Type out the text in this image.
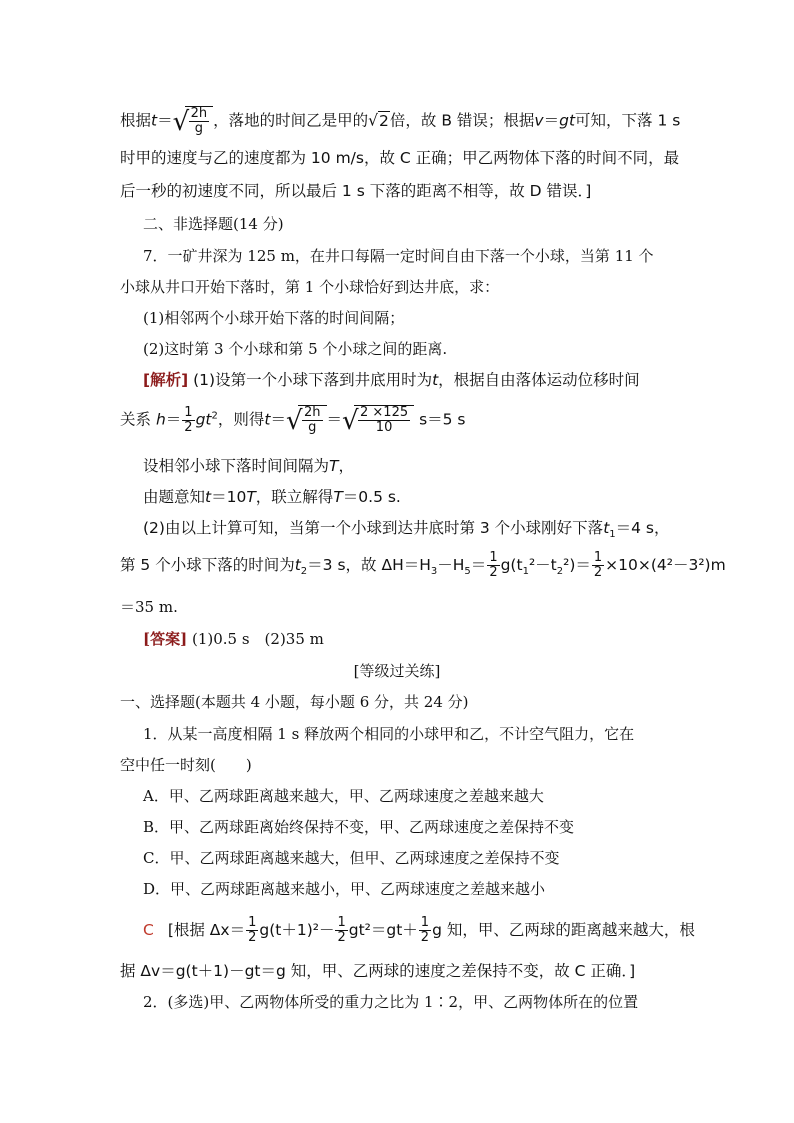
根据t＝ √ $\frac{2h}{g}$ ，落地的时间乙是甲的√2倍，故 B 错误；根据v＝gt可知，下落 1 s
时甲的速度与乙的速度都为 10 m/s，故 C 正确；甲乙两物体下落的时间不同，最
后一秒的初速度不同，所以最后 1 s 下落的距离不相等，故 D 错误．]
二、非选择题(14 分)
7．一矿井深为 125 m，在井口每隔一定时间自由下落一个小球，当第 11 个
小球从井口开始下落时，第 1 个小球恰好到达井底，求：
(1)相邻两个小球开始下落的时间间隔；
(2)这时第 3 个小球和第 5 个小球之间的距离.
[解析] (1)设第一个小球下落到井底用时为t，根据自由落体运动位移时间
关系 $h= \frac{1}{2} gt^2$，则得t＝ √ $\frac{2h}{g}$ ＝ √ $\frac{2 \times 125}{10} s=5$ s
设相邻小球下落时间间隔为T，
由题意知t＝10T，联立解得T＝0.5 s.
(2)由以上计算可知，当第一个小球到达井底时第 3 个小球刚好下落$t_1=4$ s，
第 5 个小球下落的时间为$t_2=3$ s，故 $\Delta H=H_3-H_5= \frac{1}{2} g(t_1^2-t_2^2)= \frac{1}{2} \times 10\times(4^2-3^2)m$
＝35 m.
[答案] (1)0.5 s　(2)35 m
[等级过关练]
一、选择题(本题共 4 小题，每小题 6 分，共 24 分)
1．从某一高度相隔 1 s 释放两个相同的小球甲和乙，不计空气阻力，它在
空中任一时刻(　　)
A．甲、乙两球距离越来越大，甲、乙两球速度之差越来越大
B．甲、乙两球距离始终保持不变，甲、乙两球速度之差保持不变
C．甲、乙两球距离越来越大，但甲、乙两球速度之差保持不变
D．甲、乙两球距离越来越小，甲、乙两球速度之差越来越小
C [根据 $\Delta x= \frac{1}{2} g(t+1)^2- \frac{1}{2} gt^2=gt+ \frac{1}{2}$ g 知，甲、乙两球的距离越来越大，根
据 Δv＝g(t＋1)－gt＝g 知，甲、乙两球的速度之差保持不变，故 C 正确．]
2．(多选)甲、乙两物体所受的重力之比为 1∶2，甲、乙两物体所在的位置
